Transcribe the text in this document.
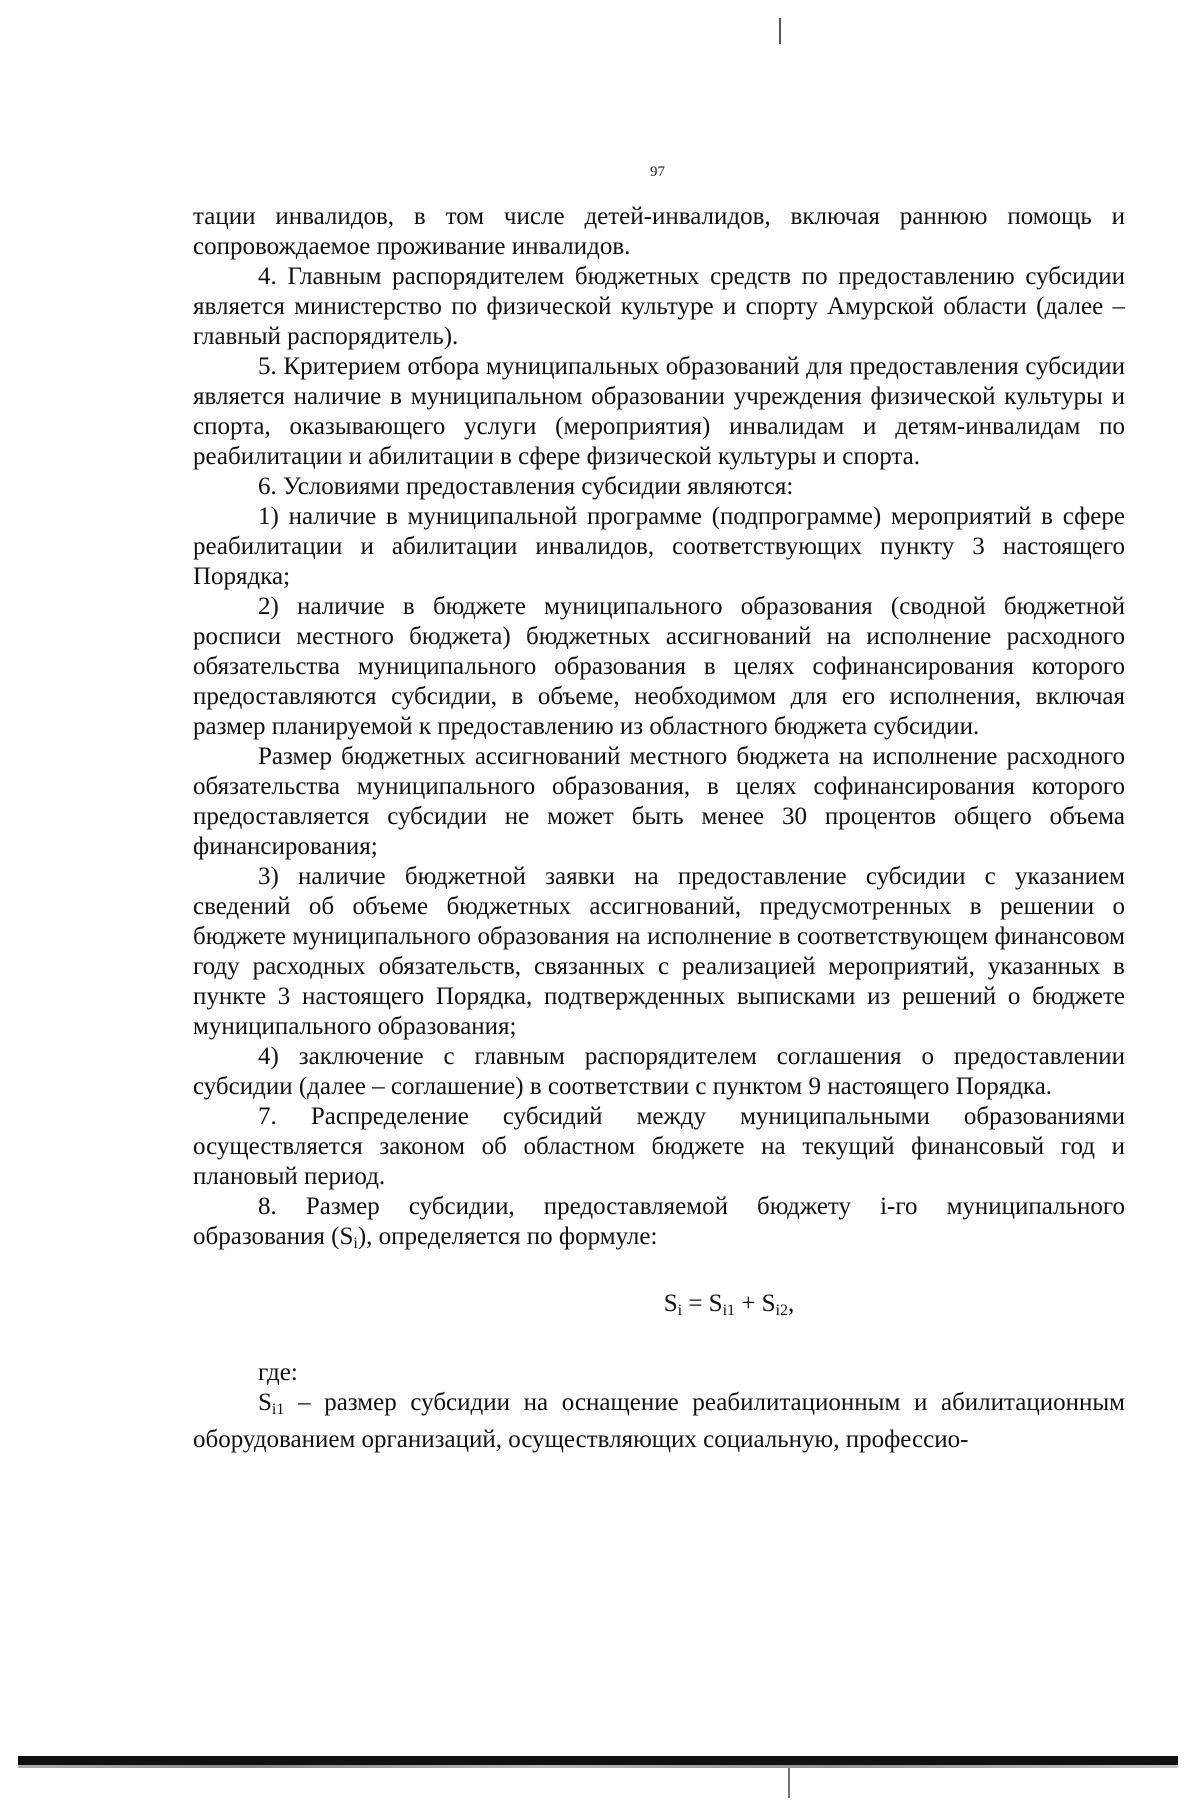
97

тации инвалидов, в том числе детей-инвалидов, включая раннюю помощь и сопровождаемое проживание инвалидов.

4. Главным распорядителем бюджетных средств по предоставлению субсидии является министерство по физической культуре и спорту Амурской области (далее – главный распорядитель).

5. Критерием отбора муниципальных образований для предоставления субсидии является наличие в муниципальном образовании учреждения физической культуры и спорта, оказывающего услуги (мероприятия) инвалидам и детям-инвалидам по реабилитации и абилитации в сфере физической культуры и спорта.

6. Условиями предоставления субсидии являются:

1) наличие в муниципальной программе (подпрограмме) мероприятий в сфере реабилитации и абилитации инвалидов, соответствующих пункту 3 настоящего Порядка;

2) наличие в бюджете муниципального образования (сводной бюджетной росписи местного бюджета) бюджетных ассигнований на исполнение расходного обязательства муниципального образования в целях софинансирования которого предоставляются субсидии, в объеме, необходимом для его исполнения, включая размер планируемой к предоставлению из областного бюджета субсидии.

Размер бюджетных ассигнований местного бюджета на исполнение расходного обязательства муниципального образования, в целях софинансирования которого предоставляется субсидии не может быть менее 30 процентов общего объема финансирования;

3) наличие бюджетной заявки на предоставление субсидии с указанием сведений об объеме бюджетных ассигнований, предусмотренных в решении о бюджете муниципального образования на исполнение в соответствующем финансовом году расходных обязательств, связанных с реализацией мероприятий, указанных в пункте 3 настоящего Порядка, подтвержденных выписками из решений о бюджете муниципального образования;

4) заключение с главным распорядителем соглашения о предоставлении субсидии (далее – соглашение) в соответствии с пунктом 9 настоящего Порядка.

7. Распределение субсидий между муниципальными образованиями осуществляется законом об областном бюджете на текущий финансовый год и плановый период.

8. Размер субсидии, предоставляемой бюджету i-го муниципального образования $(S_i)$, определяется по формуле:

$S_i = S_{i1} + S_{i2}$,

где:

$S_{i1}$ – размер субсидии на оснащение реабилитационным и абилитационным оборудованием организаций, осуществляющих социальную, профессио-
